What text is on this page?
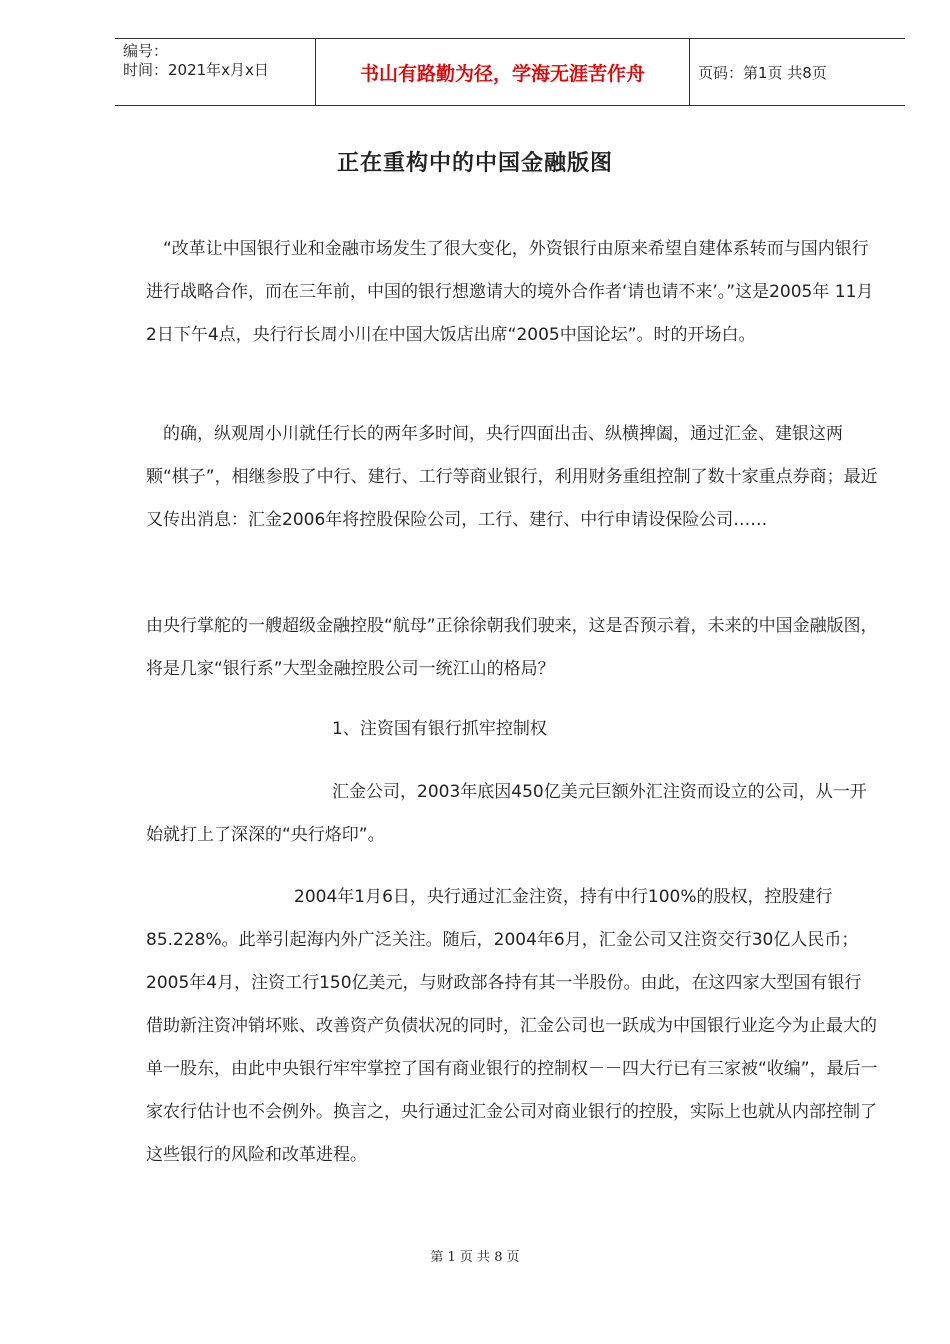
编号：
时间：2021年x月x日	书山有路勤为径，学海无涯苦作舟	页码：第1页 共8页
正在重构中的中国金融版图

“改革让中国银行业和金融市场发生了很大变化，外资银行由原来希望自建体系转而与国内银行进行战略合作，而在三年前，中国的银行想邀请大的境外合作者‘请也请不来’。”这是2005年 11月2日下午4点，央行行长周小川在中国大饭店出席“2005中国论坛”。时的开场白。

的确，纵观周小川就任行长的两年多时间，央行四面出击、纵横捭阖，通过汇金、建银这两颗“棋子”，相继参股了中行、建行、工行等商业银行，利用财务重组控制了数十家重点券商；最近又传出消息：汇金2006年将控股保险公司，工行、建行、中行申请设保险公司……

由央行掌舵的一艘超级金融控股“航母”正徐徐朝我们驶来，这是否预示着，未来的中国金融版图，将是几家“银行系”大型金融控股公司一统江山的格局？

1、注资国有银行抓牢控制权

汇金公司，2003年底因450亿美元巨额外汇注资而设立的公司，从一开始就打上了深深的“央行烙印”。

2004年1月6日，央行通过汇金注资，持有中行100%的股权，控股建行85.228%。此举引起海内外广泛关注。随后，2004年6月，汇金公司又注资交行30亿人民币；2005年4月，注资工行150亿美元，与财政部各持有其一半股份。由此，在这四家大型国有银行借助新注资冲销坏账、改善资产负债状况的同时，汇金公司也一跃成为中国银行业迄今为止最大的单一股东，由此中央银行牢牢掌控了国有商业银行的控制权－－四大行已有三家被“收编”，最后一家农行估计也不会例外。换言之，央行通过汇金公司对商业银行的控股，实际上也就从内部控制了这些银行的风险和改革进程。

第 1 页 共 8 页
